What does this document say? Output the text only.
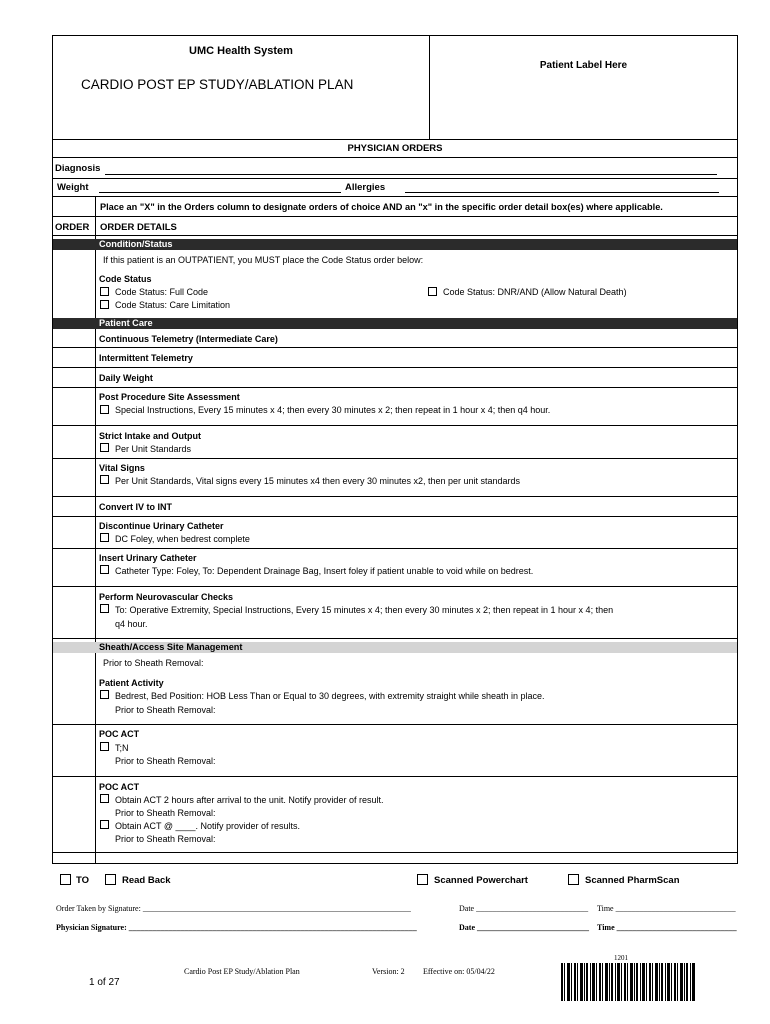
UMC Health System
CARDIO POST EP STUDY/ABLATION PLAN
Patient Label Here
PHYSICIAN ORDERS
Diagnosis
Weight	Allergies
Place an "X" in the Orders column to designate orders of choice AND an "x" in the specific order detail box(es) where applicable.
ORDER ORDER DETAILS
Condition/Status
If this patient is an OUTPATIENT, you MUST place the Code Status order below:
Code Status
Code Status: Full Code	Code Status: DNR/AND (Allow Natural Death)
Code Status: Care Limitation
Patient Care
Continuous Telemetry (Intermediate Care)
Intermittent Telemetry
Daily Weight
Post Procedure Site Assessment
Special Instructions, Every 15 minutes x 4; then every 30 minutes x 2; then repeat in 1 hour x 4; then q4 hour.
Strict Intake and Output
Per Unit Standards
Vital Signs
Per Unit Standards, Vital signs every 15 minutes x4 then every 30 minutes x2, then per unit standards
Convert IV to INT
Discontinue Urinary Catheter
DC Foley, when bedrest complete
Insert Urinary Catheter
Catheter Type: Foley, To: Dependent Drainage Bag, Insert foley if patient unable to void while on bedrest.
Perform Neurovascular Checks
To: Operative Extremity, Special Instructions, Every 15 minutes x 4; then every 30 minutes x 2; then repeat in 1 hour x 4; then
q4 hour.
Sheath/Access Site Management
Prior to Sheath Removal:
Patient Activity
Bedrest, Bed Position: HOB Less Than or Equal to 30 degrees, with extremity straight while sheath in place.
Prior to Sheath Removal:
POC ACT
T;N
Prior to Sheath Removal:
POC ACT
Obtain ACT 2 hours after arrival to the unit. Notify provider of result.
Prior to Sheath Removal:
Obtain ACT @ ____. Notify provider of results.
Prior to Sheath Removal:
TO	Read Back	Scanned Powerchart	Scanned PharmScan
Order Taken by Signature: ___________________________________________________________________	Date ____________________________ Time ______________________________
Physician Signature: ________________________________________________________________________	Date ____________________________ Time ______________________________
Cardio Post EP Study/Ablation Plan	Version: 2 Effective on: 05/04/22
1 of 27
1201
